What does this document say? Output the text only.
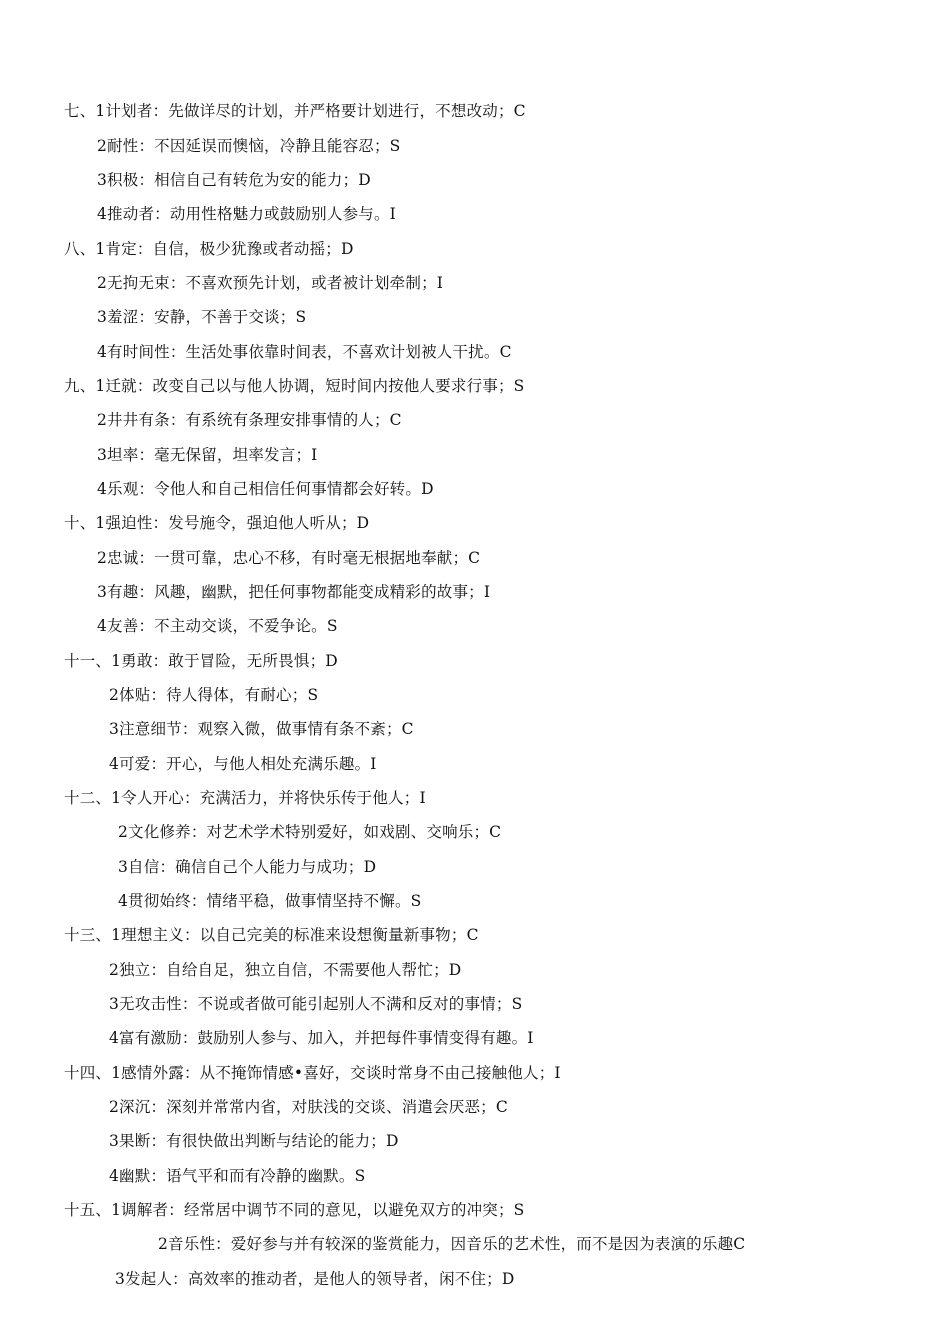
七、1计划者：先做详尽的计划，并严格要计划进行，不想改动；C
2耐性：不因延误而懊恼，冷静且能容忍；S
3积极：相信自己有转危为安的能力；D
4推动者：动用性格魅力或鼓励别人参与。I
八、1肯定：自信，极少犹豫或者动摇；D
2无拘无束：不喜欢预先计划，或者被计划牵制；I
3羞涩：安静，不善于交谈；S
4有时间性：生活处事依靠时间表，不喜欢计划被人干扰。C
九、1迁就：改变自己以与他人协调，短时间内按他人要求行事；S
2井井有条：有系统有条理安排事情的人；C
3坦率：毫无保留，坦率发言；I
4乐观：令他人和自己相信任何事情都会好转。D
十、1强迫性：发号施令，强迫他人听从；D
2忠诚：一贯可靠，忠心不移，有时毫无根据地奉献；C
3有趣：风趣，幽默，把任何事物都能变成精彩的故事；I
4友善：不主动交谈，不爱争论。S
十一、1勇敢：敢于冒险，无所畏惧；D
2体贴：待人得体，有耐心；S
3注意细节：观察入微，做事情有条不紊；C
4可爱：开心，与他人相处充满乐趣。I
十二、1令人开心：充满活力，并将快乐传于他人；I
2文化修养：对艺术学术特别爱好，如戏剧、交响乐；C
3自信：确信自己个人能力与成功；D
4贯彻始终：情绪平稳，做事情坚持不懈。S
十三、1理想主义：以自己完美的标准来设想衡量新事物；C
2独立：自给自足，独立自信，不需要他人帮忙；D
3无攻击性：不说或者做可能引起别人不满和反对的事情；S
4富有激励：鼓励别人参与、加入，并把每件事情变得有趣。I
十四、1感情外露：从不掩饰情感•喜好，交谈时常身不由己接触他人；I
2深沉：深刻并常常内省，对肤浅的交谈、消遣会厌恶；C
3果断：有很快做出判断与结论的能力；D
4幽默：语气平和而有冷静的幽默。S
十五、1调解者：经常居中调节不同的意见，以避免双方的冲突；S
2音乐性：爱好参与并有较深的鉴赏能力，因音乐的艺术性，而不是因为表演的乐趣C
3发起人：高效率的推动者，是他人的领导者，闲不住；D
